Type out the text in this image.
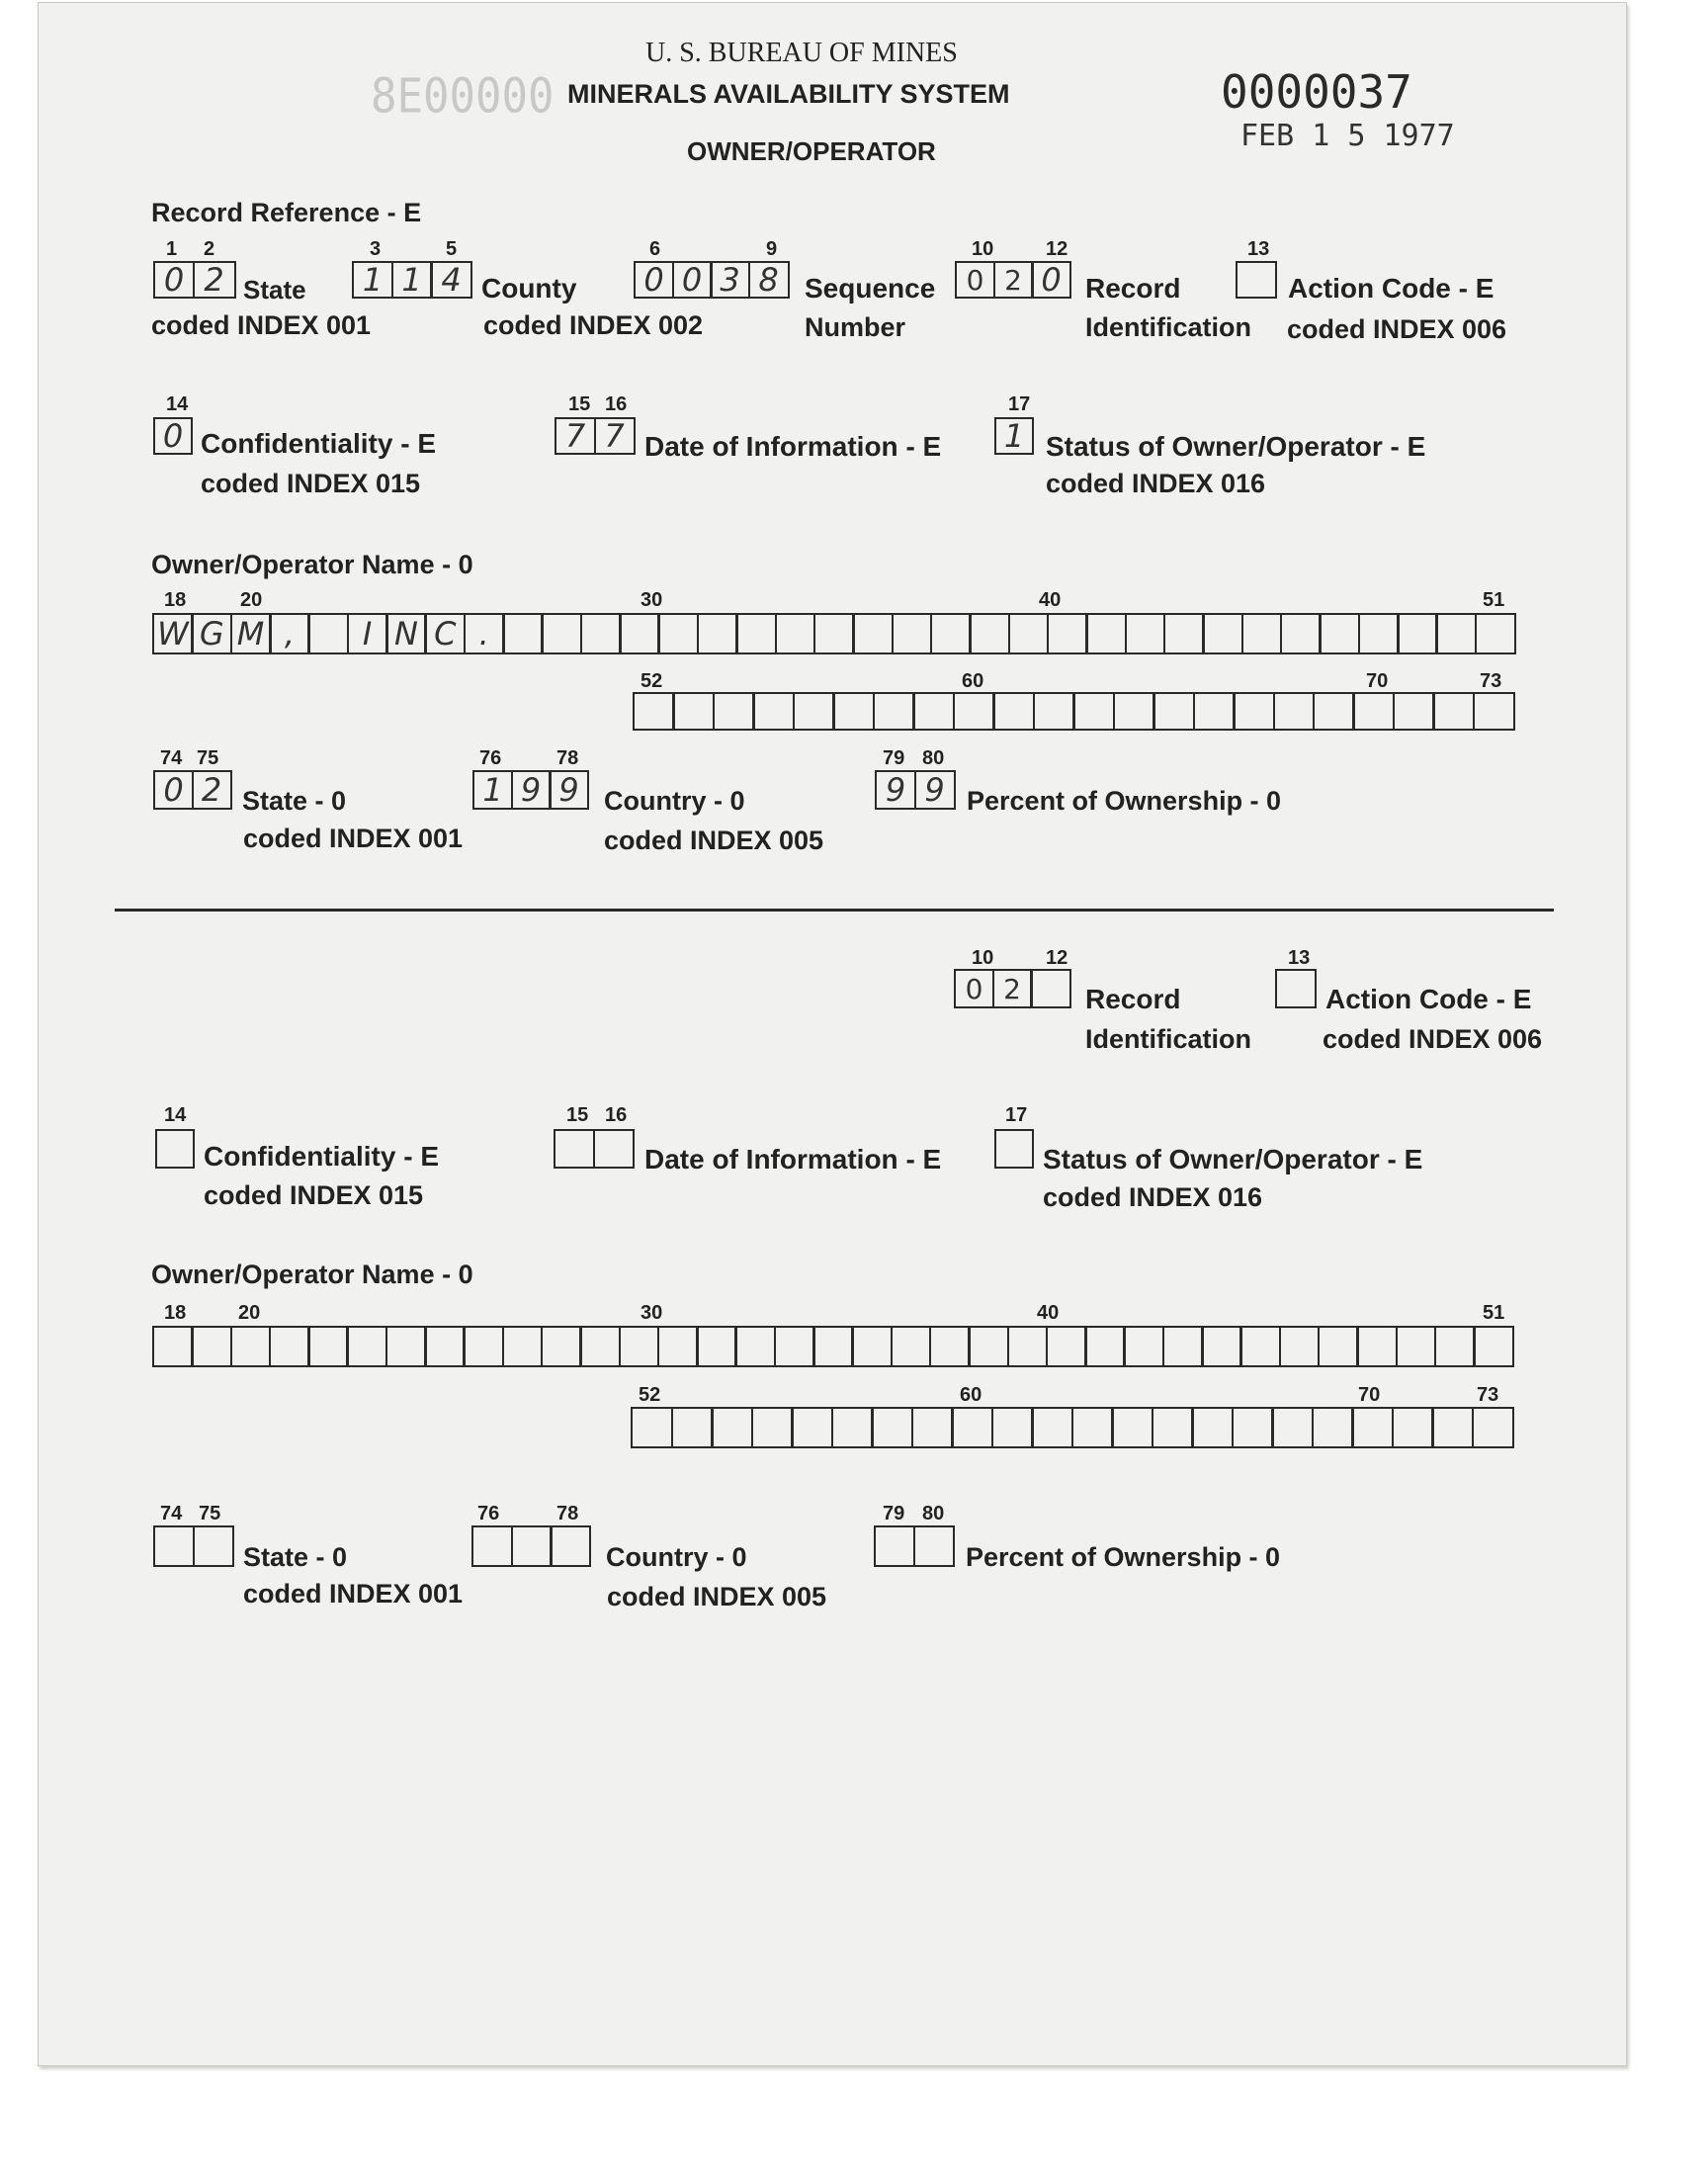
U. S. BUREAU OF MINES
MINERALS AVAILABILITY SYSTEM
OWNER/OPERATOR
8E00000	0000037
FEB 1 5 1977
Record Reference - E
1 2	3	5	6	9	10	12	13
0 2 State
coded INDEX 001
1 1 4 County
coded INDEX 002
0 0 3 8 Sequence
Number
0 2 0 Record
Identification
Action Code - E
coded INDEX 006
14	15 16	17
0 Confidentiality - E
coded INDEX 015
7 7 Date of Information - E	1 Status of Owner/Operator - E
coded INDEX 016
Owner/Operator Name - 0
18	20	30	40	51
W G M ,	I N C .
52	60	70	73
74 75	76	78	79 80
0 2 State - 0
coded INDEX 001
1 9 9 Country - 0
coded INDEX 005
9 9 Percent of Ownership - 0
10	12	13
0 2	Record
Identification
Action Code - E
coded INDEX 006
14	15 16	17
Confidentiality - E
coded INDEX 015
Date of Information - E	Status of Owner/Operator - E
coded INDEX 016
Owner/Operator Name - 0
18	20	30	40	51
52	60	70	73
74 75	76	78	79 80
State - 0
coded INDEX 001
Country - 0
coded INDEX 005
Percent of Ownership - 0
